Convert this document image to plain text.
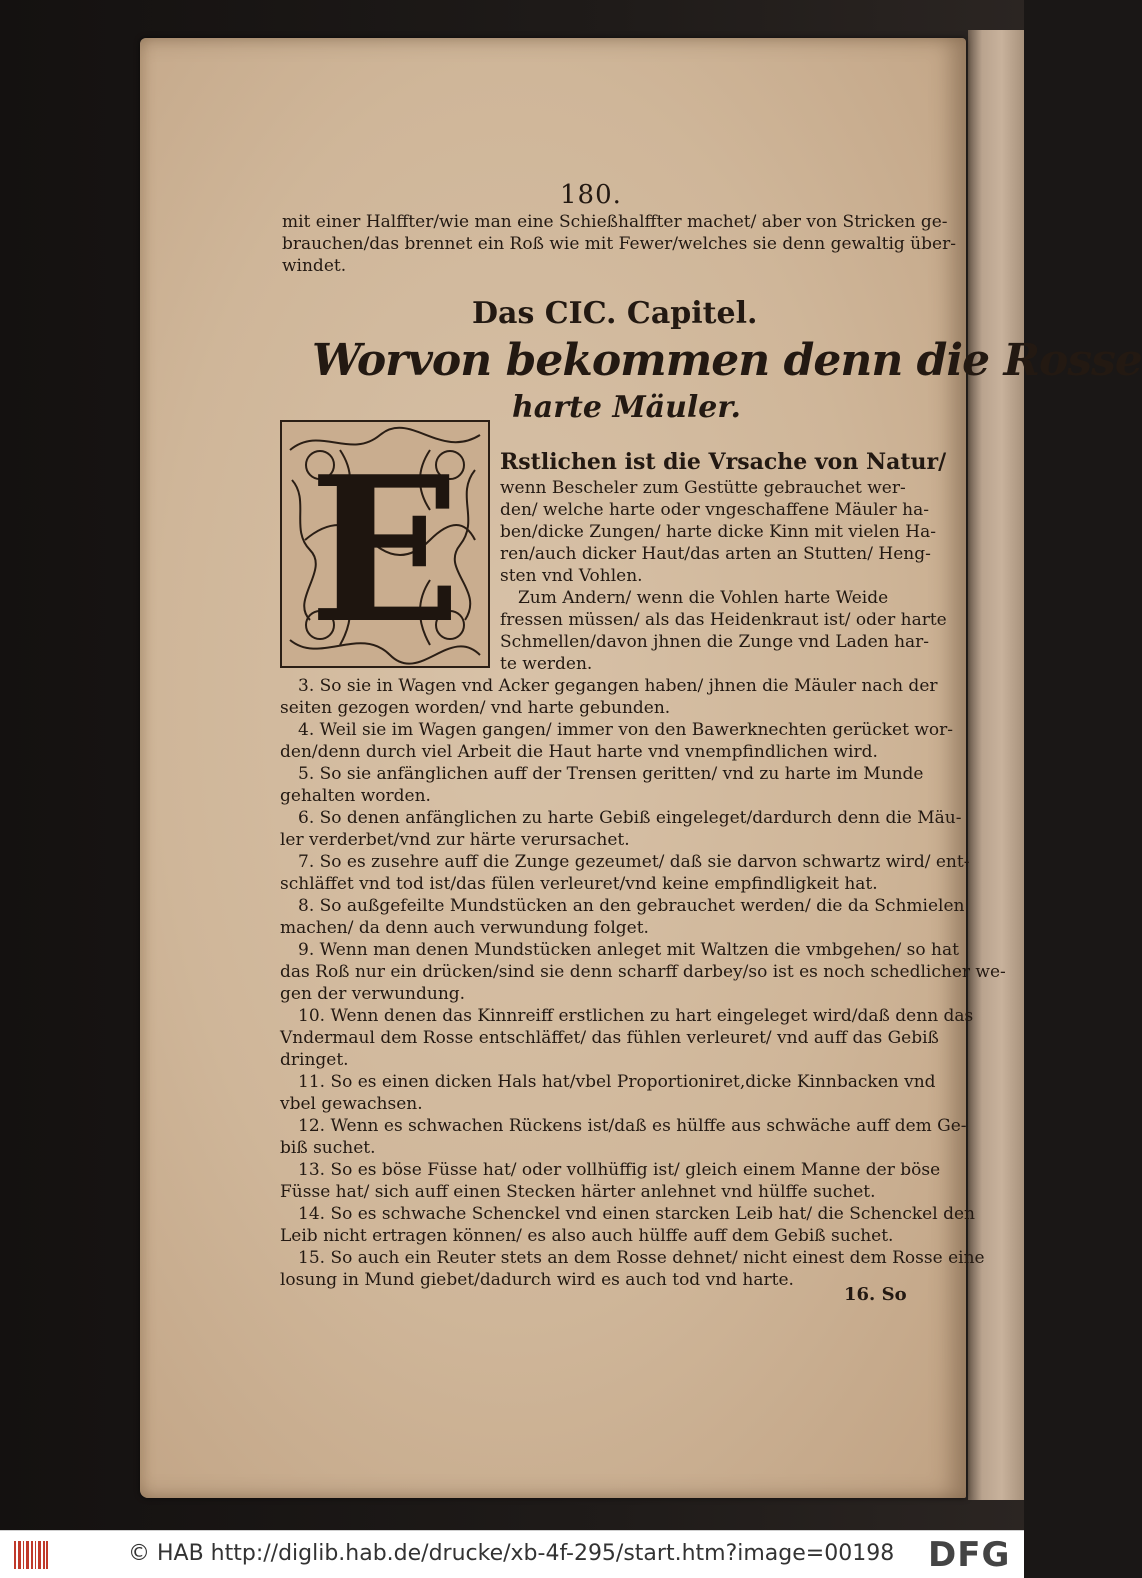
180.
mit einer Halffter/wie man eine Schießhalffter machet/ aber von Stricken ge-
brauchen/das brennet ein Roß wie mit Fewer/welches sie denn gewaltig über-
windet.
Das CIC. Capitel.
Worvon bekommen denn die Rosse
harte Mäuler.
E Rstlichen ist die Vrsache von Natur/
wenn Bescheler zum Gestütte gebrauchet wer-
den/ welche harte oder vngeschaffene Mäuler ha-
ben/dicke Zungen/ harte dicke Kinn mit vielen Ha-
ren/auch dicker Haut/das arten an Stutten/ Heng-
sten vnd Vohlen.
Zum Andern/ wenn die Vohlen harte Weide
fressen müssen/ als das Heidenkraut ist/ oder harte
Schmellen/davon jhnen die Zunge vnd Laden har-
te werden.
3. So sie in Wagen vnd Acker gegangen haben/ jhnen die Mäuler nach der
seiten gezogen worden/ vnd harte gebunden.
4. Weil sie im Wagen gangen/ immer von den Bawerknechten gerücket wor-
den/denn durch viel Arbeit die Haut harte vnd vnempfindlichen wird.
5. So sie anfänglichen auff der Trensen geritten/ vnd zu harte im Munde
gehalten worden.
6. So denen anfänglichen zu harte Gebiß eingeleget/dardurch denn die Mäu-
ler verderbet/vnd zur härte verursachet.
7. So es zusehre auff die Zunge gezeumet/ daß sie darvon schwartz wird/ ent-
schläffet vnd tod ist/das fülen verleuret/vnd keine empfindligkeit hat.
8. So außgefeilte Mundstücken an den gebrauchet werden/ die da Schmielen
machen/ da denn auch verwundung folget.
9. Wenn man denen Mundstücken anleget mit Waltzen die vmbgehen/ so hat
das Roß nur ein drücken/sind sie denn scharff darbey/so ist es noch schedlicher we-
gen der verwundung.
10. Wenn denen das Kinnreiff erstlichen zu hart eingeleget wird/daß denn das
Vndermaul dem Rosse entschläffet/ das fühlen verleuret/ vnd auff das Gebiß
dringet.
11. So es einen dicken Hals hat/vbel Proportioniret,dicke Kinnbacken vnd
vbel gewachsen.
12. Wenn es schwachen Rückens ist/daß es hülffe aus schwäche auff dem Ge-
biß suchet.
13. So es böse Füsse hat/ oder vollhüffig ist/ gleich einem Manne der böse
Füsse hat/ sich auff einen Stecken härter anlehnet vnd hülffe suchet.
14. So es schwache Schenckel vnd einen starcken Leib hat/ die Schenckel den
Leib nicht ertragen können/ es also auch hülffe auff dem Gebiß suchet.
15. So auch ein Reuter stets an dem Rosse dehnet/ nicht einest dem Rosse eine
losung in Mund giebet/dadurch wird es auch tod vnd harte.
16. So
© HAB http://diglib.hab.de/drucke/xb-4f-295/start.htm?image=00198 DFG
